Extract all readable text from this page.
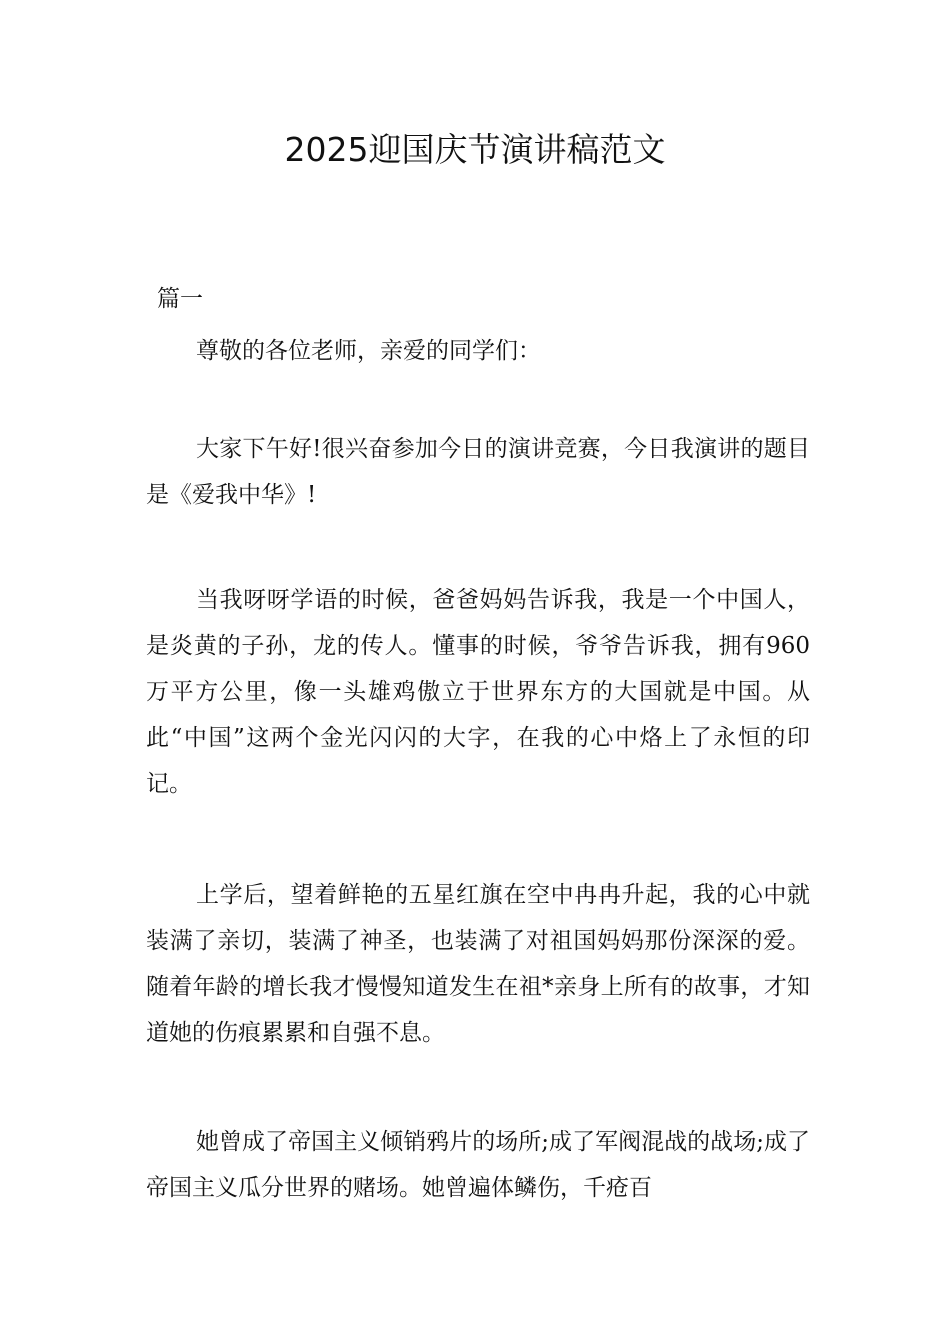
2025迎国庆节演讲稿范文

篇一

尊敬的各位老师，亲爱的同学们：

大家下午好!很兴奋参加今日的演讲竞赛，今日我演讲的题目是《爱我中华》!

当我呀呀学语的时候，爸爸妈妈告诉我，我是一个中国人，是炎黄的子孙，龙的传人。懂事的时候，爷爷告诉我，拥有960万平方公里，像一头雄鸡傲立于世界东方的大国就是中国。从此“中国”这两个金光闪闪的大字，在我的心中烙上了永恒的印记。

上学后，望着鲜艳的五星红旗在空中冉冉升起，我的心中就装满了亲切，装满了神圣，也装满了对祖国妈妈那份深深的爱。随着年龄的增长我才慢慢知道发生在祖*亲身上所有的故事，才知道她的伤痕累累和自强不息。

她曾成了帝国主义倾销鸦片的场所;成了军阀混战的战场;成了帝国主义瓜分世界的赌场。她曾遍体鳞伤，千疮百
